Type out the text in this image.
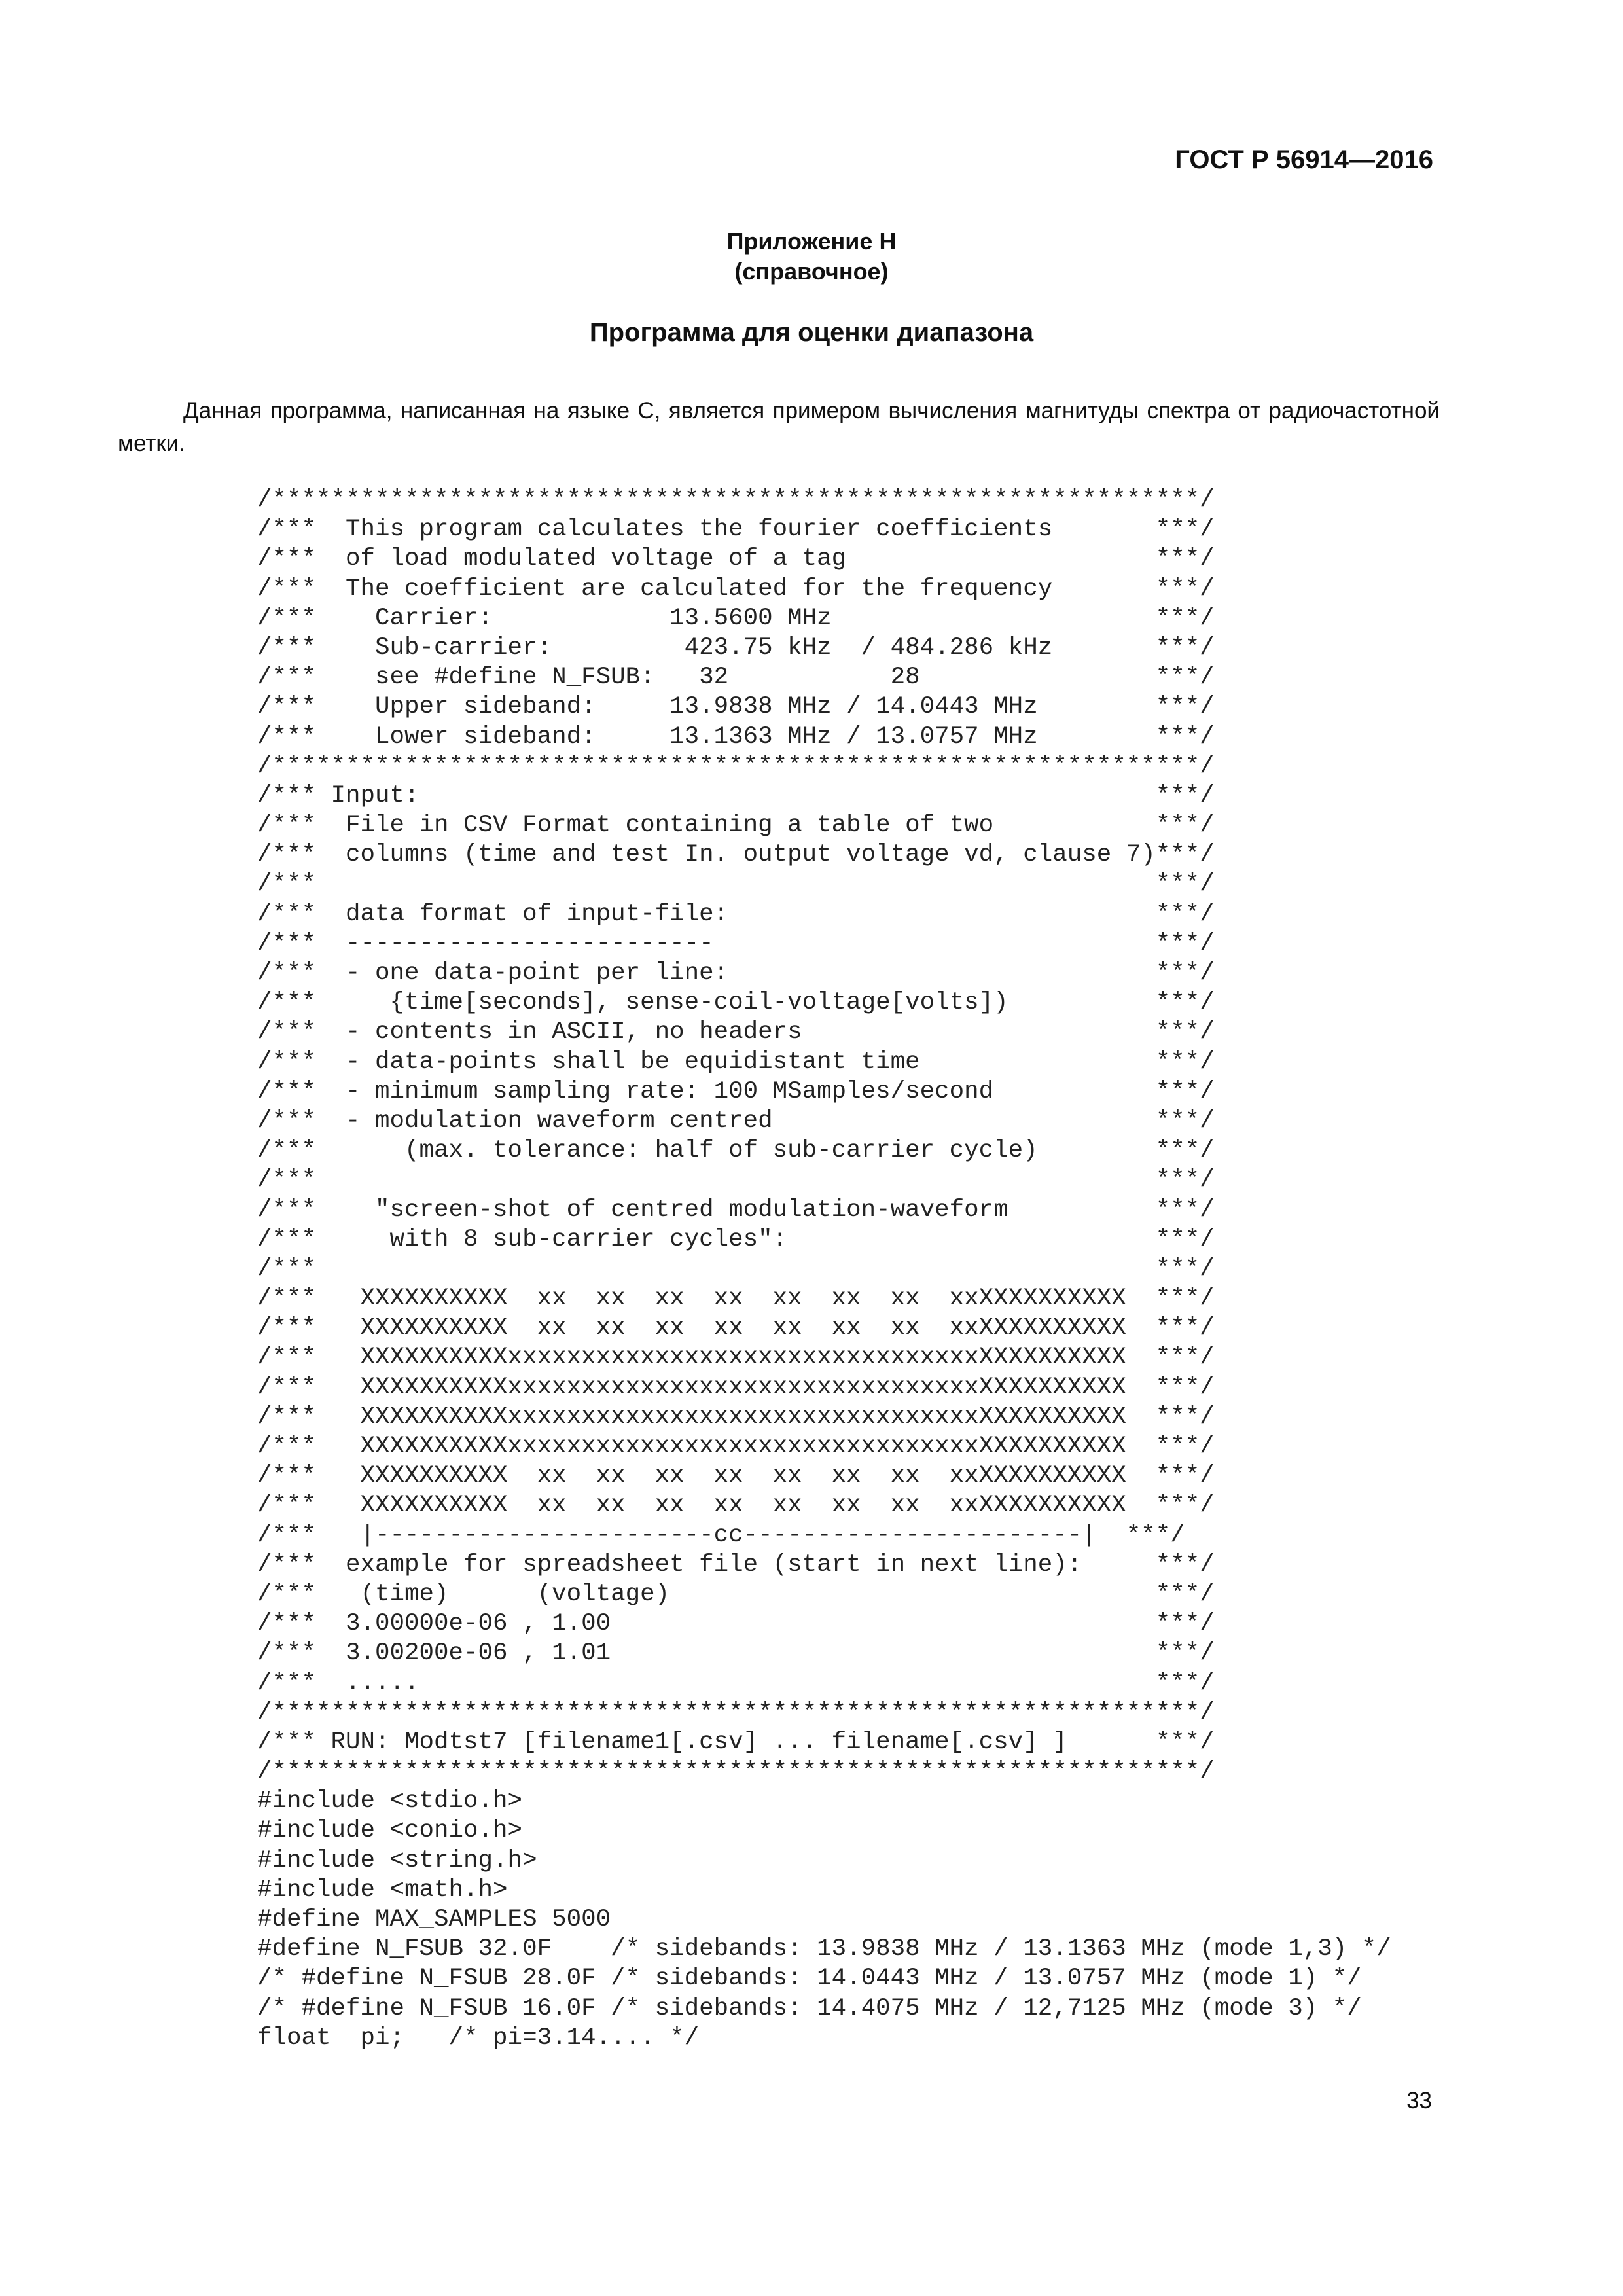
ГОСТ Р 56914—2016
Приложение Н
(справочное)
Программа для оценки диапазона

Данная программа, написанная на языке С, является примером вычисления магнитуды спектра от радиочастотной метки.

/***************************************************************/
/***  This program calculates the fourier coefficients       ***/
/***  of load modulated voltage of a tag                     ***/
/***  The coefficient are calculated for the frequency       ***/
/***    Carrier:            13.5600 MHz                      ***/
/***    Sub-carrier:         423.75 kHz  / 484.286 kHz       ***/
/***    see #define N_FSUB:   32           28                ***/
/***    Upper sideband:     13.9838 MHz / 14.0443 MHz        ***/
/***    Lower sideband:     13.1363 MHz / 13.0757 MHz        ***/
/***************************************************************/
/*** Input:                                                  ***/
/***  File in CSV Format containing a table of two           ***/
/***  columns (time and test In. output voltage vd, clause 7)***/
/***                                                         ***/
/***  data format of input-file:                             ***/
/***  -------------------------                              ***/
/***  - one data-point per line:                             ***/
/***     {time[seconds], sense-coil-voltage[volts])          ***/
/***  - contents in ASCII, no headers                        ***/
/***  - data-points shall be equidistant time                ***/
/***  - minimum sampling rate: 100 MSamples/second           ***/
/***  - modulation waveform centred                          ***/
/***      (max. tolerance: half of sub-carrier cycle)        ***/
/***                                                         ***/
/***    "screen-shot of centred modulation-waveform          ***/
/***     with 8 sub-carrier cycles":                         ***/
/***                                                         ***/
/***   XXXXXXXXXX  xx  xx  xx  xx  xx  xx  xx  xxXXXXXXXXXX  ***/
/***   XXXXXXXXXX  xx  xx  xx  xx  xx  xx  xx  xxXXXXXXXXXX  ***/
/***   XXXXXXXXXXxxxxxxxxxxxxxxxxxxxxxxxxxxxxxxxxXXXXXXXXXX  ***/
/***   XXXXXXXXXXxxxxxxxxxxxxxxxxxxxxxxxxxxxxxxxxXXXXXXXXXX  ***/
/***   XXXXXXXXXXxxxxxxxxxxxxxxxxxxxxxxxxxxxxxxxxXXXXXXXXXX  ***/
/***   XXXXXXXXXXxxxxxxxxxxxxxxxxxxxxxxxxxxxxxxxxXXXXXXXXXX  ***/
/***   XXXXXXXXXX  xx  xx  xx  xx  xx  xx  xx  xxXXXXXXXXXX  ***/
/***   XXXXXXXXXX  xx  xx  xx  xx  xx  xx  xx  xxXXXXXXXXXX  ***/
/***   |-----------------------cc-----------------------|  ***/
/***  example for spreadsheet file (start in next line):     ***/
/***   (time)      (voltage)                                 ***/
/***  3.00000e-06 , 1.00                                     ***/
/***  3.00200e-06 , 1.01                                     ***/
/***  .....                                                  ***/
/***************************************************************/
/*** RUN: Modtst7 [filename1[.csv] ... filename[.csv] ]      ***/
/***************************************************************/
#include <stdio.h>
#include <conio.h>
#include <string.h>
#include <math.h>
#define MAX_SAMPLES 5000
#define N_FSUB 32.0F    /* sidebands: 13.9838 MHz / 13.1363 MHz (mode 1,3) */
/* #define N_FSUB 28.0F /* sidebands: 14.0443 MHz / 13.0757 MHz (mode 1) */
/* #define N_FSUB 16.0F /* sidebands: 14.4075 MHz / 12,7125 MHz (mode 3) */
float  pi;   /* pi=3.14.... */
33
